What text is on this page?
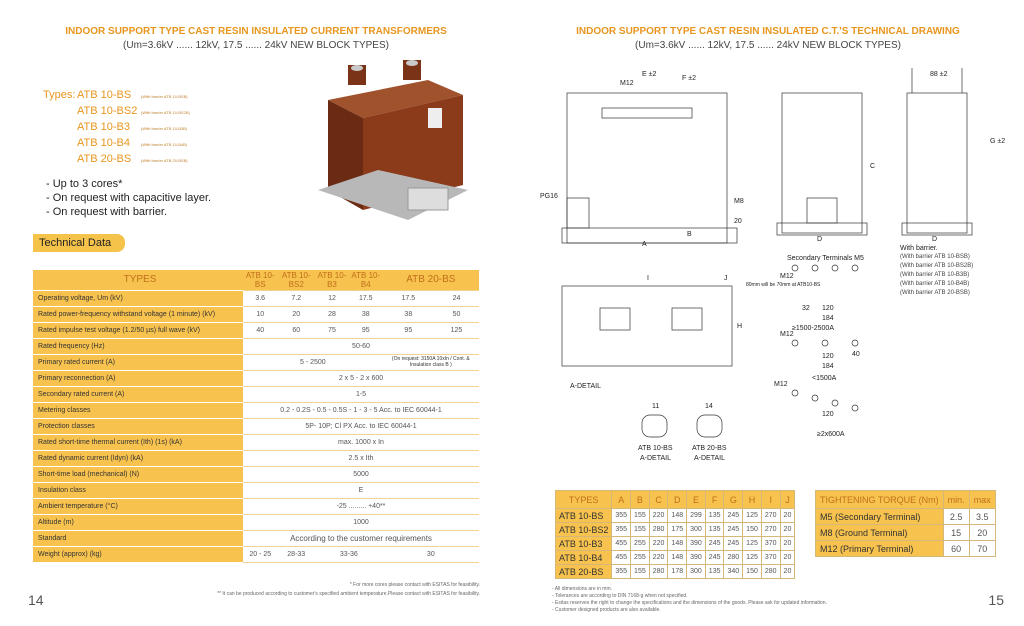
INDOOR SUPPORT TYPE CAST RESIN INSULATED CURRENT TRANSFORMERS
(Um=3.6kV ...... 12kV, 17.5 ...... 24kV NEW BLOCK TYPES)
Types: ATB 10-BS	(With barrier ATB 10-BSB)
ATB 10-BS2 (With barrier ATB 10-BS2B)
ATB 10-B3	(With barrier ATB 10-B3B)
ATB 10-B4	(With barrier ATB 10-B4B)
ATB 20-BS	(With barrier ATB 20-BSB)
- Up to 3 cores*
- On request with capacitive layer.
- On request with barrier.
Technical Data
TYPES	ATB 10-BS	ATB 10-BS2	ATB 10-B3	ATB 10-B4	ATB 20-BS	
Operating voltage, Um (kV)	3.6	7.2	12	17.5	17.5	24
Rated power-frequency withstand voltage (1 minute) (kV)	10	20	28	38	38	50
Rated impulse test voltage (1.2/50 µs) full wave (kV)	40	60	75	95	95	125
Rated frequency (Hz)	50-60					
Primary rated current (A)	5 - 2500				(On request: 3150A 10xIn / Cont. & Insulation class B )	
Primary reconnection (A)	2 x 5 - 2 x 600					
Secondary rated current (A)	1-5					
Metering classes	0.2 - 0.2S - 0.5 - 0.5S - 1 - 3 - 5 Acc. to IEC 60044-1					
Protection classes	5P- 10P; Cl PX Acc. to IEC 60044-1					
Rated short-time thermal current (Ith) (1s) (kA)	max. 1000 x In					
Rated dynamic current (Idyn) (kA)	2.5 x Ith					
Short-time load (mechanical) (N)	5000					
Insulation class	E					
Ambient temperature (°C)	-25 ......... +40**					
Altitude (m)	1000					
Standard	According to the customer requirements					
Weight (approx) (kg)	20 - 25	28-33	33-36		30	
* For more cores please contact with ESITAS for feasibility.
** It can be produced according to customer's specified ambient temperature.Please contact with ESITAS for feasibility.
14
INDOOR SUPPORT TYPE CAST RESIN INSULATED C.T.'S TECHNICAL DRAWING
(Um=3.6kV ...... 12kV, 17.5 ...... 24kV NEW BLOCK TYPES)
M12
E ±2
F ±2
PG16
M8
20
A
B
C
D	D
88 ±2
G ±2
Secondary Terminals M5
I	J
H
A-DETAIL
80mm will be 70mm at ATB10-BS
M12
32 120
184
≥1500-2500A
M12
120	40
184
<1500A
M12
120
≥2x600A
11	14
ATB 10-BS
A-DETAIL
ATB 20-BS
A-DETAIL
With barrier.
(With barrier ATB 10-BSB)
(With barrier ATB 10-BS2B)
(With barrier ATB 10-B3B)
(With barrier ATB 10-B4B)
(With barrier ATB 20-BSB)
TYPES	A	B	C	D	E	F	G	H	I	J
ATB 10-BS	355	155	220	148	299	135	245	125	270	20
ATB 10-BS2	355	155	280	175	300	135	245	150	270	20
ATB 10-B3	455	255	220	148	390	245	245	125	370	20
ATB 10-B4	455	255	220	148	390	245	280	125	370	20
ATB 20-BS	355	155	280	178	300	135	340	150	280	20
TIGHTENING TORQUE (Nm)	min.	max
M5 (Secondary Terminal)	2.5	3.5
M8 (Ground Terminal)	15	20
M12 (Primary Terminal)	60	70
- All dimensions are in mm.
- Tolerances are according to DIN 7168-g when not specified.
- Esitas reserves the right to change the specifications and the dimensions of the goods. Please ask for updated information.
- Customer designed products are also available.
15
